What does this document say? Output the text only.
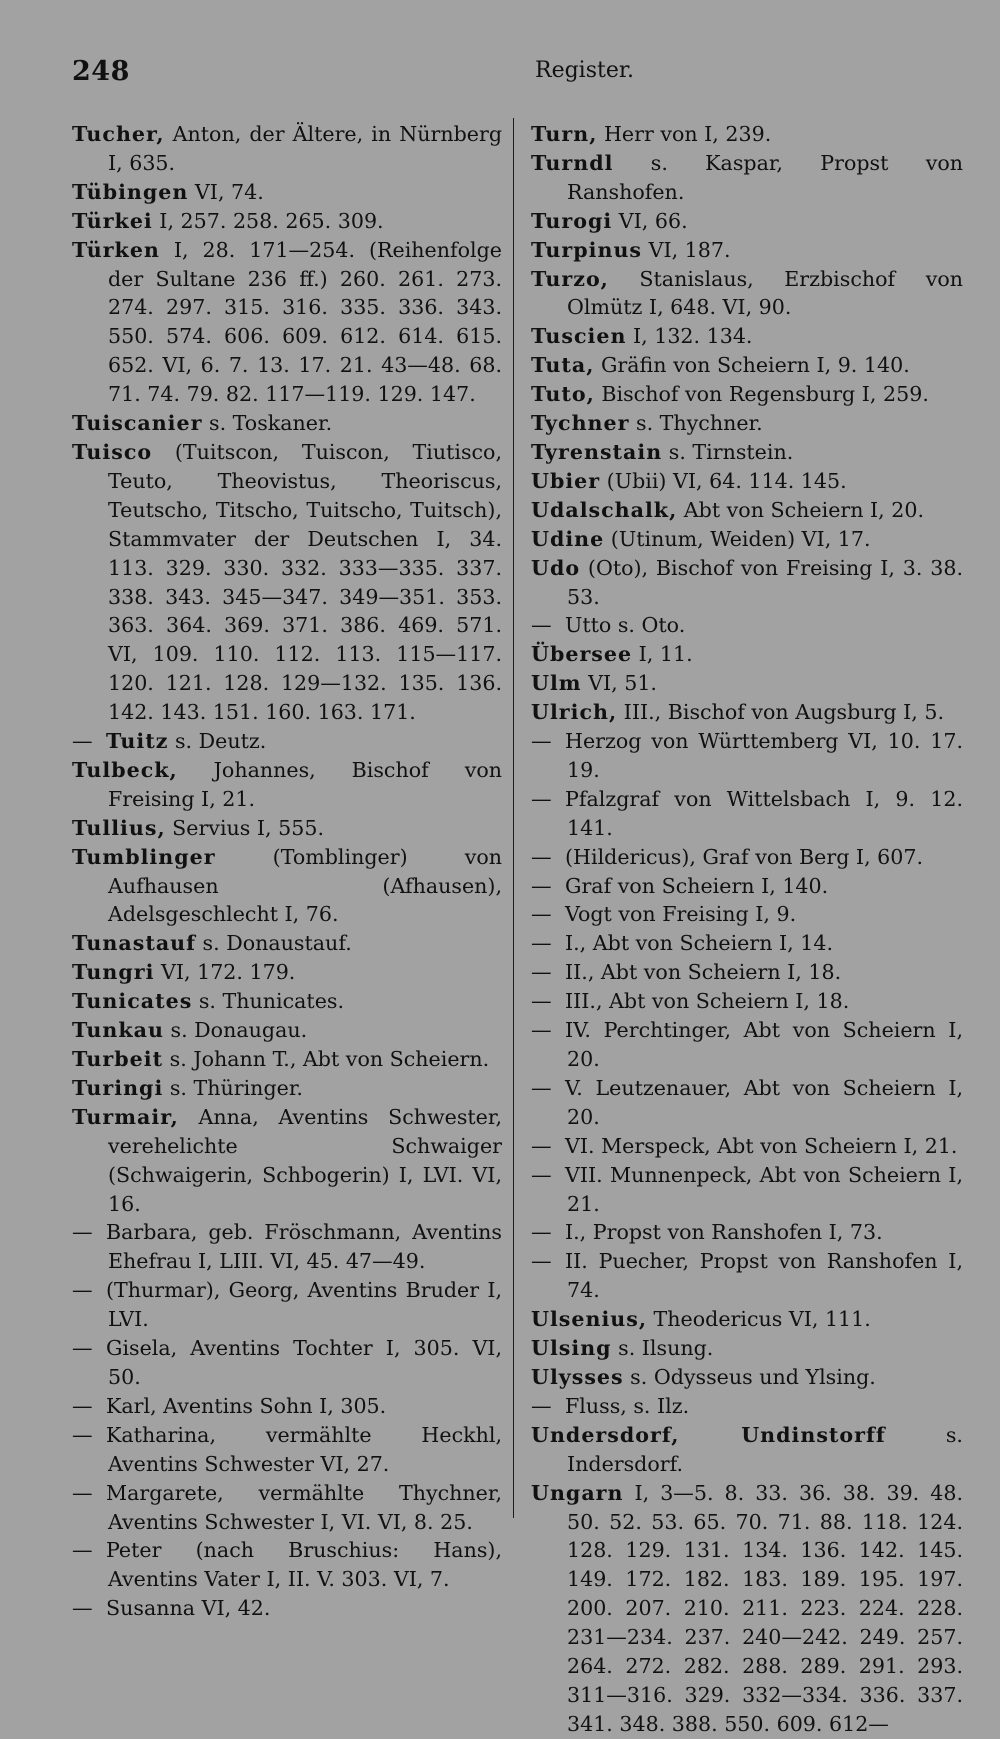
248	Register.
Tucher, Anton, der Ältere, in Nürnberg I, 635.
Tübingen VI, 74.
Türkei I, 257. 258. 265. 309.
Türken I, 28. 171—254. (Reihenfolge der Sultane 236 ff.) 260. 261. 273. 274. 297. 315. 316. 335. 336. 343. 550. 574. 606. 609. 612. 614. 615. 652. VI, 6. 7. 13. 17. 21. 43—48. 68. 71. 74. 79. 82. 117—119. 129. 147.
Tuiscanier s. Toskaner.
Tuisco (Tuitscon, Tuiscon, Tiutisco, Teuto, Theovistus, Theoriscus, Teutscho, Titscho, Tuitscho, Tuitsch), Stammvater der Deutschen I, 34. 113. 329. 330. 332. 333—335. 337. 338. 343. 345—347. 349—351. 353. 363. 364. 369. 371. 386. 469. 571. VI, 109. 110. 112. 113. 115—117. 120. 121. 128. 129—132. 135. 136. 142. 143. 151. 160. 163. 171.
— Tuitz s. Deutz.
Tulbeck, Johannes, Bischof von Freising I, 21.
Tullius, Servius I, 555.
Tumblinger (Tomblinger) von Aufhausen (Afhausen), Adelsgeschlecht I, 76.
Tunastauf s. Donaustauf.
Tungri VI, 172. 179.
Tunicates s. Thunicates.
Tunkau s. Donaugau.
Turbeit s. Johann T., Abt von Scheiern.
Turingi s. Thüringer.
Turmair, Anna, Aventins Schwester, verehelichte Schwaiger (Schwaigerin, Schbogerin) I, LVI. VI, 16.
— Barbara, geb. Fröschmann, Aventins Ehefrau I, LIII. VI, 45. 47—49.
— (Thurmar), Georg, Aventins Bruder I, LVI.
— Gisela, Aventins Tochter I, 305. VI, 50.
— Karl, Aventins Sohn I, 305.
— Katharina, vermählte Heckhl, Aventins Schwester VI, 27.
— Margarete, vermählte Thychner, Aventins Schwester I, VI. VI, 8. 25.
— Peter (nach Bruschius: Hans), Aventins Vater I, II. V. 303. VI, 7.
— Susanna VI, 42.
Turn, Herr von I, 239.
Turndl s. Kaspar, Propst von Ranshofen.
Turogi VI, 66.
Turpinus VI, 187.
Turzo, Stanislaus, Erzbischof von Olmütz I, 648. VI, 90.
Tuscien I, 132. 134.
Tuta, Gräfin von Scheiern I, 9. 140.
Tuto, Bischof von Regensburg I, 259.
Tychner s. Thychner.
Tyrenstain s. Tirnstein.
Ubier (Ubii) VI, 64. 114. 145.
Udalschalk, Abt von Scheiern I, 20.
Udine (Utinum, Weiden) VI, 17.
Udo (Oto), Bischof von Freising I, 3. 38. 53.
— Utto s. Oto.
Übersee I, 11.
Ulm VI, 51.
Ulrich, III., Bischof von Augsburg I, 5.
— Herzog von Württemberg VI, 10. 17. 19.
— Pfalzgraf von Wittelsbach I, 9. 12. 141.
— (Hildericus), Graf von Berg I, 607.
— Graf von Scheiern I, 140.
— Vogt von Freising I, 9.
— I., Abt von Scheiern I, 14.
— II., Abt von Scheiern I, 18.
— III., Abt von Scheiern I, 18.
— IV. Perchtinger, Abt von Scheiern I, 20.
— V. Leutzenauer, Abt von Scheiern I, 20.
— VI. Merspeck, Abt von Scheiern I, 21.
— VII. Munnenpeck, Abt von Scheiern I, 21.
— I., Propst von Ranshofen I, 73.
— II. Puecher, Propst von Ranshofen I, 74.
Ulsenius, Theodericus VI, 111.
Ulsing s. Ilsung.
Ulysses s. Odysseus und Ylsing.
— Fluss, s. Ilz.
Undersdorf, Undinstorff s. Indersdorf.
Ungarn I, 3—5. 8. 33. 36. 38. 39. 48. 50. 52. 53. 65. 70. 71. 88. 118. 124. 128. 129. 131. 134. 136. 142. 145. 149. 172. 182. 183. 189. 195. 197. 200. 207. 210. 211. 223. 224. 228. 231—234. 237. 240—242. 249. 257. 264. 272. 282. 288. 289. 291. 293. 311—316. 329. 332—334. 336. 337. 341. 348. 388. 550. 609. 612—
